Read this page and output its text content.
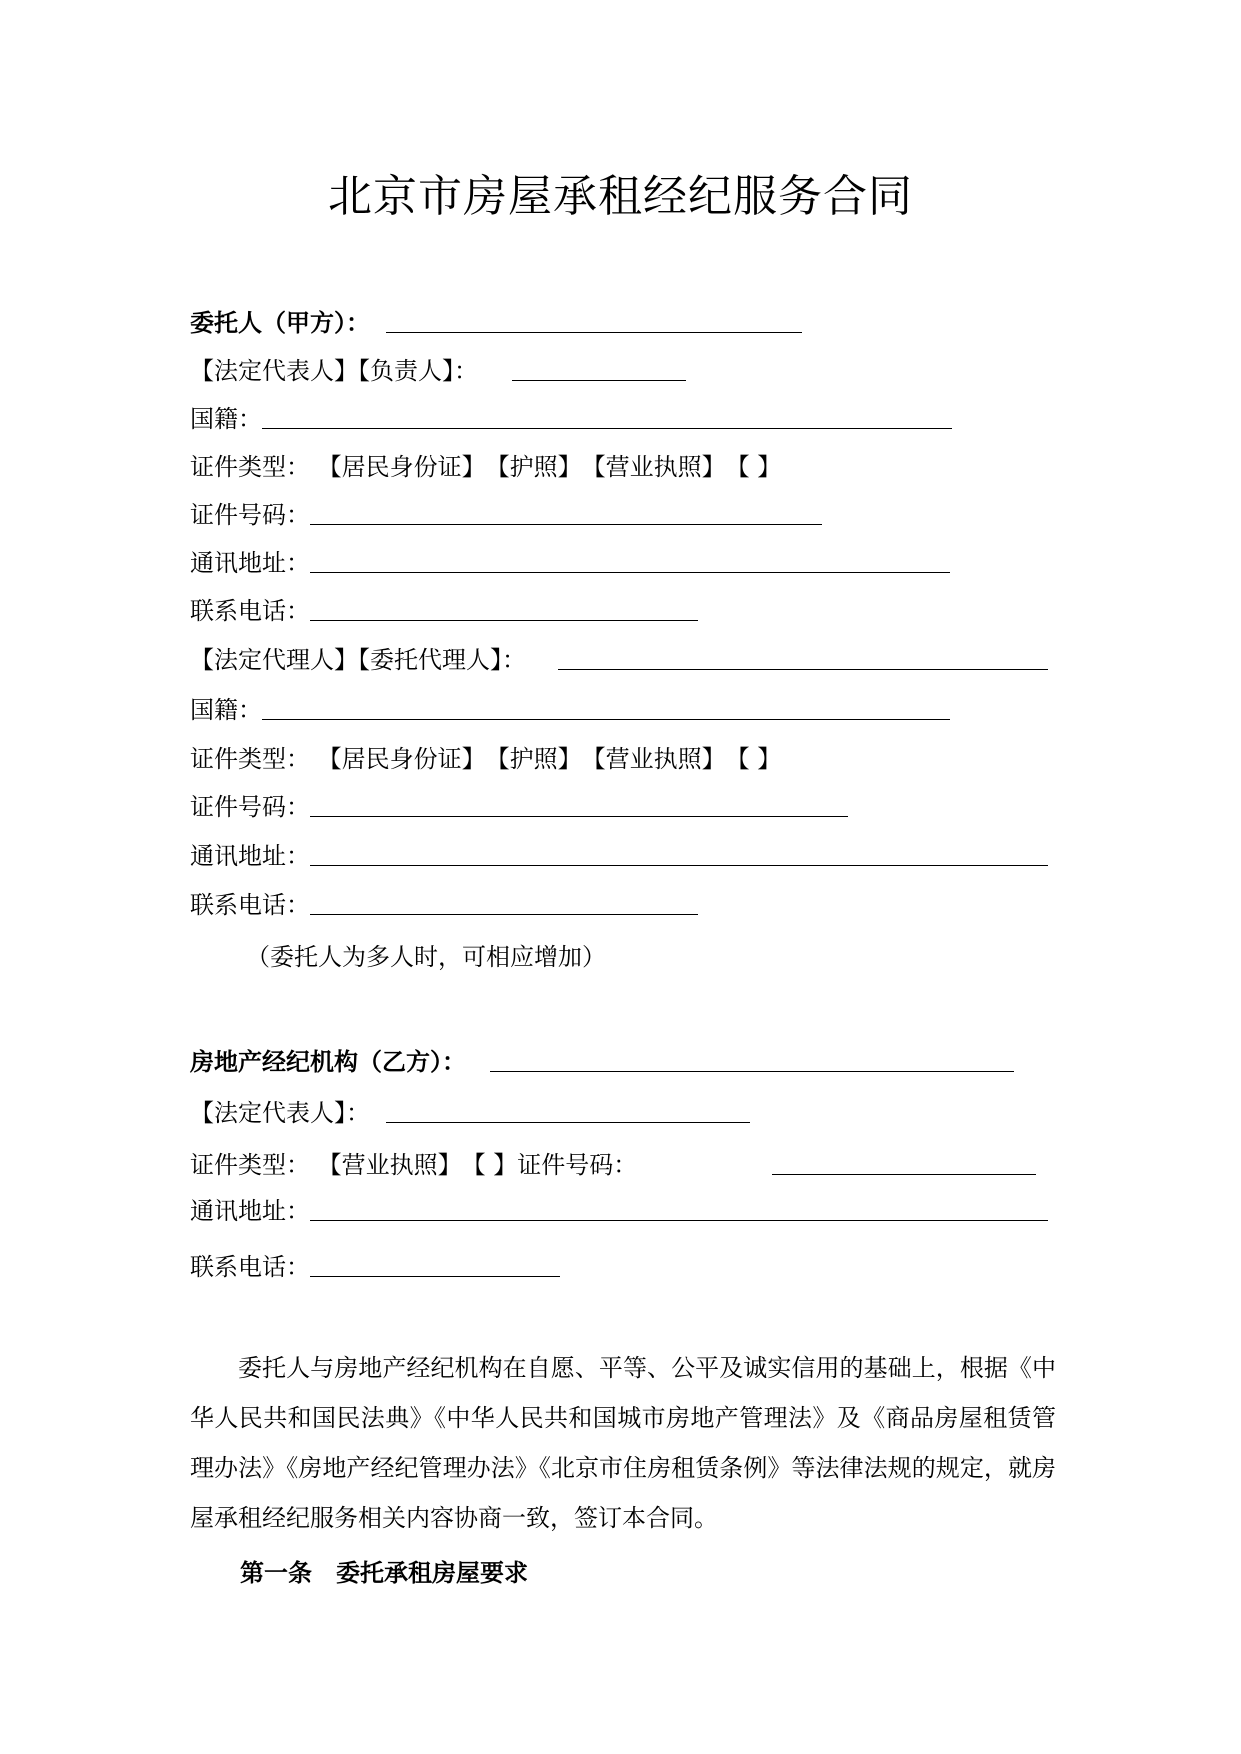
北京市房屋承租经纪服务合同
委托人（甲方）：
【法定代表人】【负责人】：
国籍：
证件类型： 【居民身份证】【护照】【营业执照】【 】
证件号码：
通讯地址：
联系电话：
【法定代理人】【委托代理人】：
国籍：
证件类型： 【居民身份证】【护照】【营业执照】【 】
证件号码：
通讯地址：
联系电话：
（委托人为多人时，可相应增加）
房地产经纪机构（乙方）：
【法定代表人】：
证件类型： 【营业执照】【 】证件号码：
通讯地址：
联系电话：
委托人与房地产经纪机构在自愿、平等、公平及诚实信用的基础上，根据《中华人民共和国民法典》《中华人民共和国城市房地产管理法》及《商品房屋租赁管理办法》《房地产经纪管理办法》《北京市住房租赁条例》等法律法规的规定，就房屋承租经纪服务相关内容协商一致，签订本合同。
第一条　委托承租房屋要求
